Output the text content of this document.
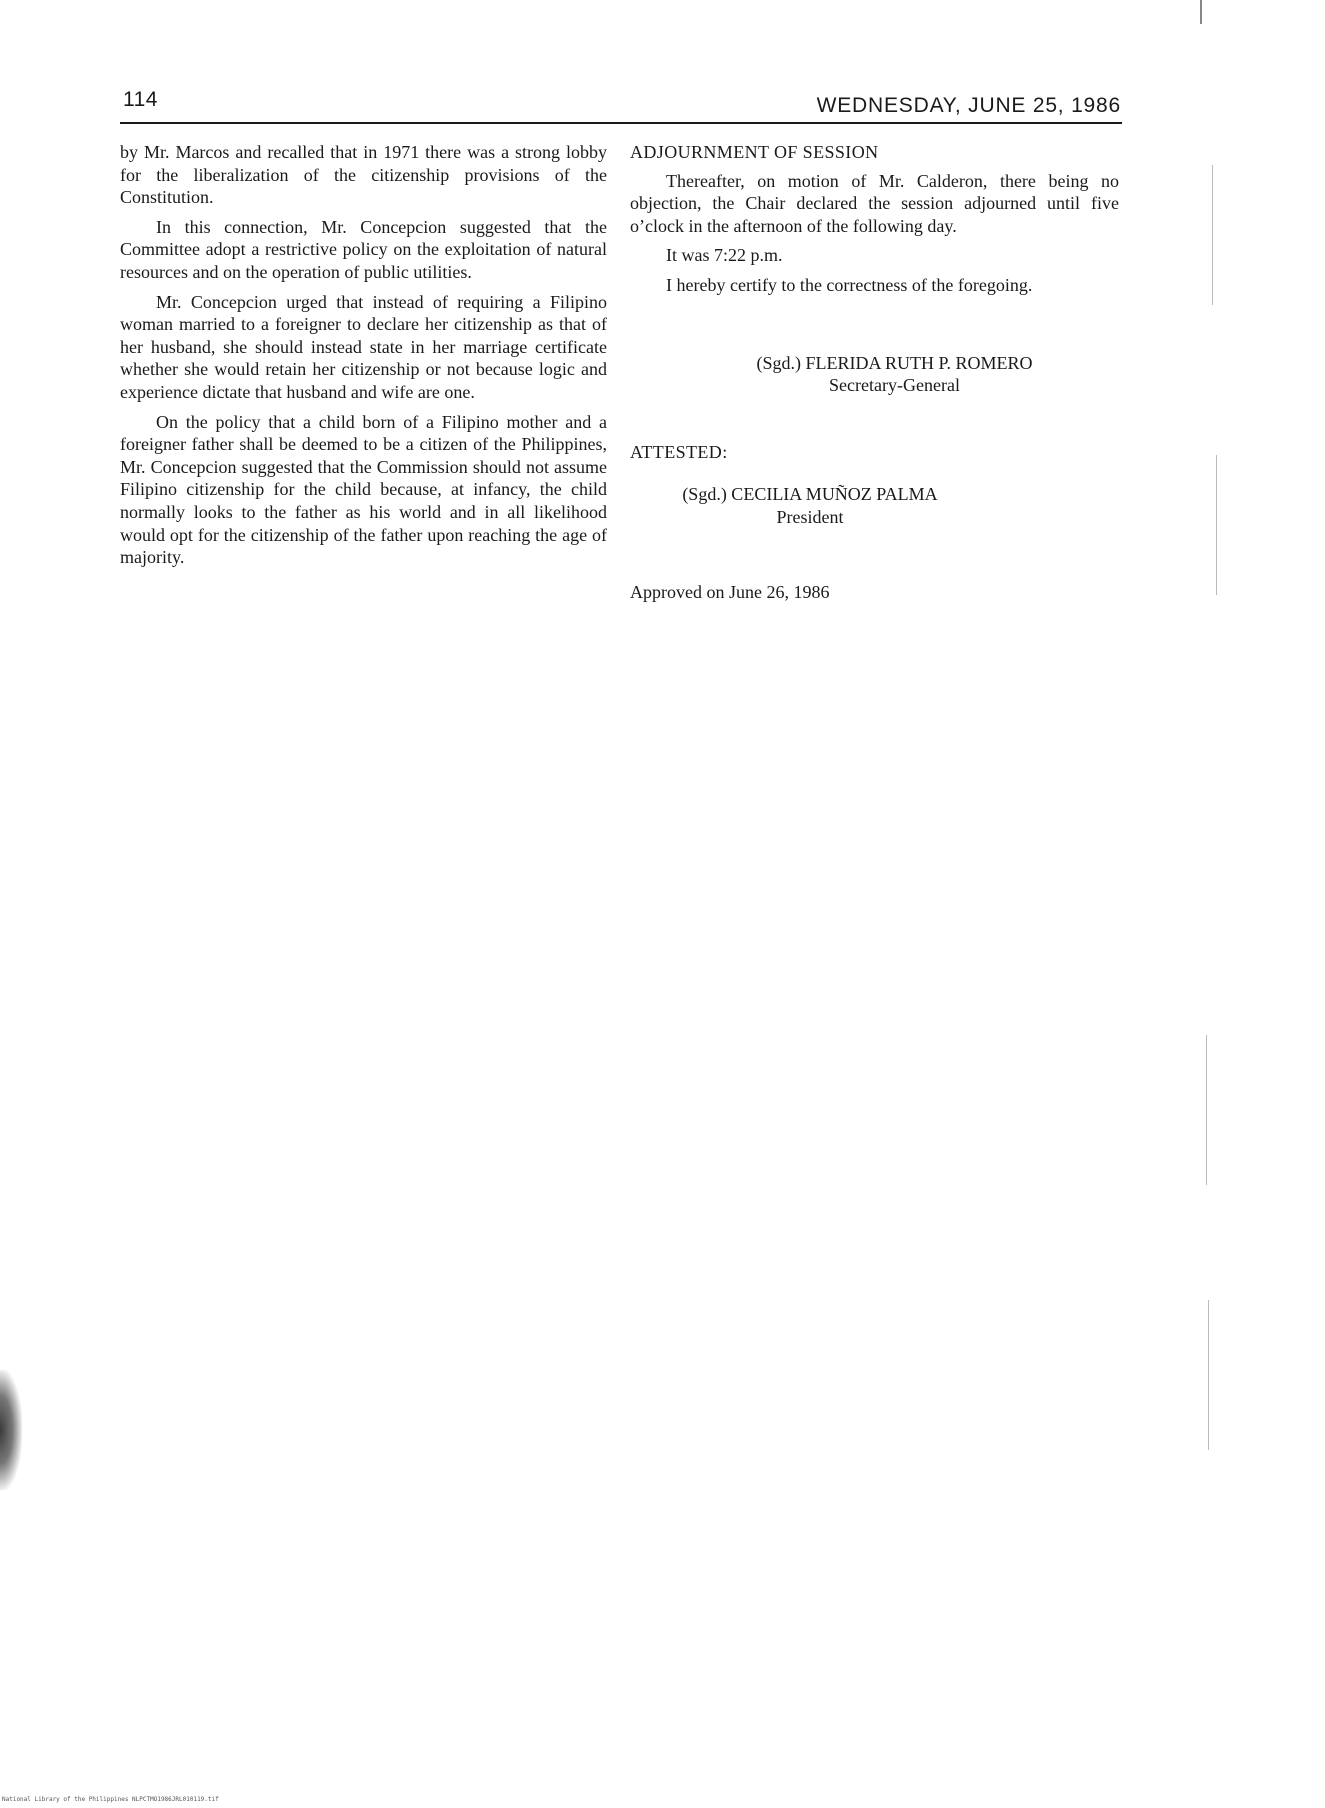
114	WEDNESDAY, JUNE 25, 1986

by Mr. Marcos and recalled that in 1971 there was a strong lobby for the liberalization of the citizenship provisions of the Constitution.

In this connection, Mr. Concepcion suggested that the Committee adopt a restrictive policy on the exploitation of natural resources and on the operation of public utilities.

Mr. Concepcion urged that instead of requiring a Filipino woman married to a foreigner to declare her citizenship as that of her husband, she should instead state in her marriage certificate whether she would retain her citizenship or not because logic and experience dictate that husband and wife are one.

On the policy that a child born of a Filipino mother and a foreigner father shall be deemed to be a citizen of the Philippines, Mr. Concepcion suggested that the Commission should not assume Filipino citizenship for the child because, at infancy, the child normally looks to the father as his world and in all likelihood would opt for the citizenship of the father upon reaching the age of majority.

ADJOURNMENT OF SESSION

Thereafter, on motion of Mr. Calderon, there being no objection, the Chair declared the session adjourned until five o’clock in the afternoon of the following day.

It was 7:22 p.m.

I hereby certify to the correctness of the foregoing.

(Sgd.) FLERIDA RUTH P. ROMERO
Secretary-General
ATTESTED:
(Sgd.) CECILIA MUÑOZ PALMA
President
Approved on June 26, 1986
National Library of the Philippines NLPCTMO1986JRL010119.tif
